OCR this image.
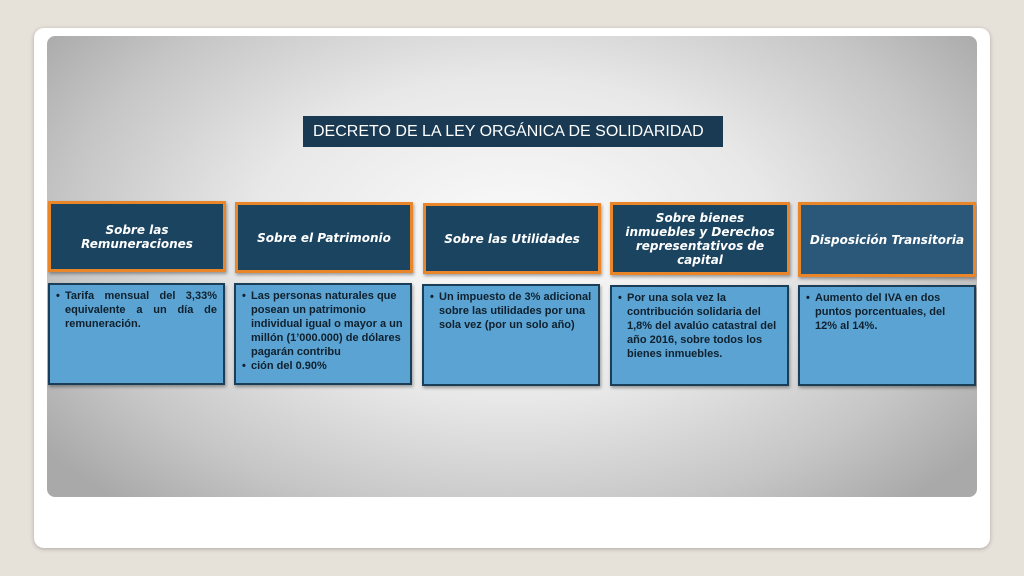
DECRETO DE LA LEY ORGÁNICA DE SOLIDARIDAD
Sobre las Remuneraciones
• Tarifa mensual del 3,33% equivalente a un día de remuneración.
Sobre el Patrimonio
• Las personas naturales que posean un patrimonio individual igual o mayor a un millón (1’000.000) de dólares pagarán contribu
• ción del 0.90%
Sobre las Utilidades
• Un impuesto de 3% adicional sobre las utilidades por una sola vez (por un solo año)
Sobre bienes inmuebles y Derechos representativos de capital
• Por una sola vez la contribución solidaria del 1,8% del avalúo catastral del año 2016, sobre todos los bienes inmuebles.
Disposición Transitoria
• Aumento del IVA en dos puntos porcentuales, del 12% al 14%.
